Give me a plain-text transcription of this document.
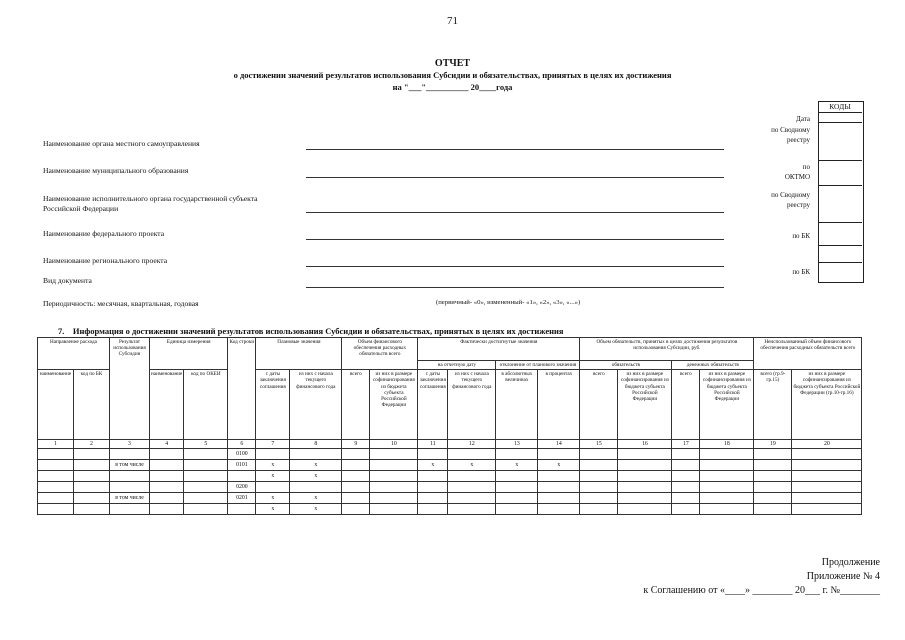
71
ОТЧЕТ
о достижении значений результатов использования Субсидии и обязательствах, принятых в целях их достижения
на "___"__________ 20____года
КОДЫ
Дата
по Сводному реестру
по ОКТМО
по Сводному реестру
по БК
по БК
Наименование органа местного самоуправления
Наименование муниципального образования
Наименование исполнительного органа государственной субъекта Российской Федерации
Наименование федерального проекта
Наименование регионального проекта
Вид документа
Периодичность: месячная, квартальная, годовая	(первичный- «0», измененный- «1», «2», «3», «...»)
7. Информация о достижении значений результатов использования Субсидии и обязательствах, принятых в целях их достижения
Направление расхода		Результат использования Субсидии	Единица измерения		Код строки	Плановые значения		Объем финансового обеспечения расходных обязательств всего		Фактически достигнутые значения				Объем обязательств, принятых в целях достижения результатов использования Субсидии, руб.				Неиспользованный объем финансового обеспечения расходных обязательств всего	
										на отчетную дату		отклонение от планового значения		обязательств		денежных обязательств			
наименование	код по БК		наименование	код по ОКЕИ		с даты заключения соглашения	из них с начала текущего финансового года	всего	из них в размере софинансирования из бюджета субъекта Российской Федерации	с даты заключения соглашения	из них с начала текущего финансового года	в абсолютных величинах	в процентах	всего	из них в размере софинансирования из бюджета субъекта Российской Федерации	всего	из них в размере софинансирования из бюджета субъекта Российской Федерации	всего (гр.9-гр.15)	из них в размере софинансирования из бюджета субъекта Российской Федерации (гр.10-гр.16)
1	2	3	4	5	6	7	8	9	10	11	12	13	14	15	16	17	18	19	20
					0100														
		в том числе			0101	x	x			x	x	x	x						
						x	x												
					0200														
		в том числе			0201	x	x												
						x	x												
Продолжение
Приложение № 4
к Соглашению от «____» ________ 20___ г. №________
